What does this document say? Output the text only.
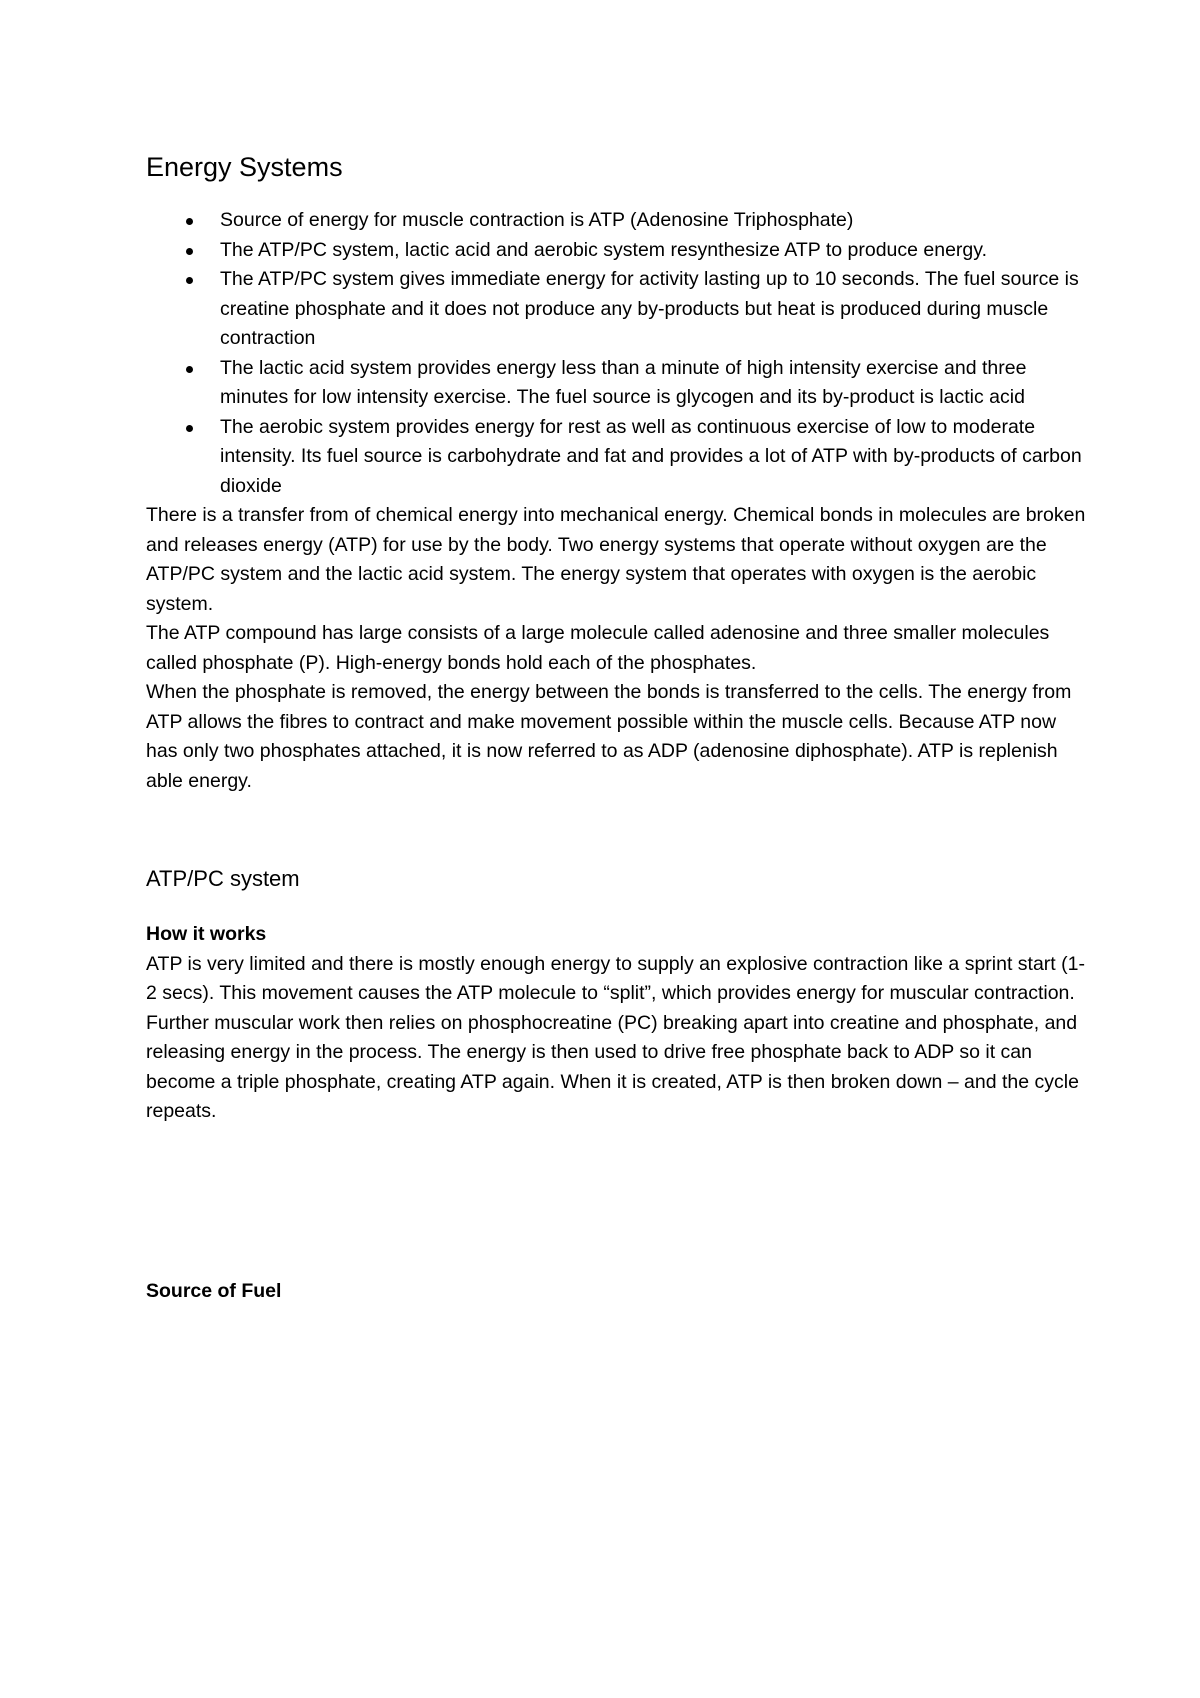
Energy Systems
Source of energy for muscle contraction is ATP (Adenosine Triphosphate)
The ATP/PC system, lactic acid and aerobic system resynthesize ATP to produce energy.
The ATP/PC system gives immediate energy for activity lasting up to 10 seconds. The fuel source is creatine phosphate and it does not produce any by-products but heat is produced during muscle contraction
The lactic acid system provides energy less than a minute of high intensity exercise and three minutes for low intensity exercise. The fuel source is glycogen and its by-product is lactic acid
The aerobic system provides energy for rest as well as continuous exercise of low to moderate intensity. Its fuel source is carbohydrate and fat and provides a lot of ATP with by-products of carbon dioxide

There is a transfer from of chemical energy into mechanical energy. Chemical bonds in molecules are broken and releases energy (ATP) for use by the body. Two energy systems that operate without oxygen are the ATP/PC system and the lactic acid system. The energy system that operates with oxygen is the aerobic system.

The ATP compound has large consists of a large molecule called adenosine and three smaller molecules called phosphate (P). High-energy bonds hold each of the phosphates.

When the phosphate is removed, the energy between the bonds is transferred to the cells. The energy from ATP allows the fibres to contract and make movement possible within the muscle cells. Because ATP now has only two phosphates attached, it is now referred to as ADP (adenosine diphosphate). ATP is replenish able energy.

ATP/PC system
How it works

ATP is very limited and there is mostly enough energy to supply an explosive contraction like a sprint start (1-2 secs). This movement causes the ATP molecule to “split”, which provides energy for muscular contraction. Further muscular work then relies on phosphocreatine (PC) breaking apart into creatine and phosphate, and releasing energy in the process. The energy is then used to drive free phosphate back to ADP so it can become a triple phosphate, creating ATP again. When it is created, ATP is then broken down – and the cycle repeats.

Source of Fuel
